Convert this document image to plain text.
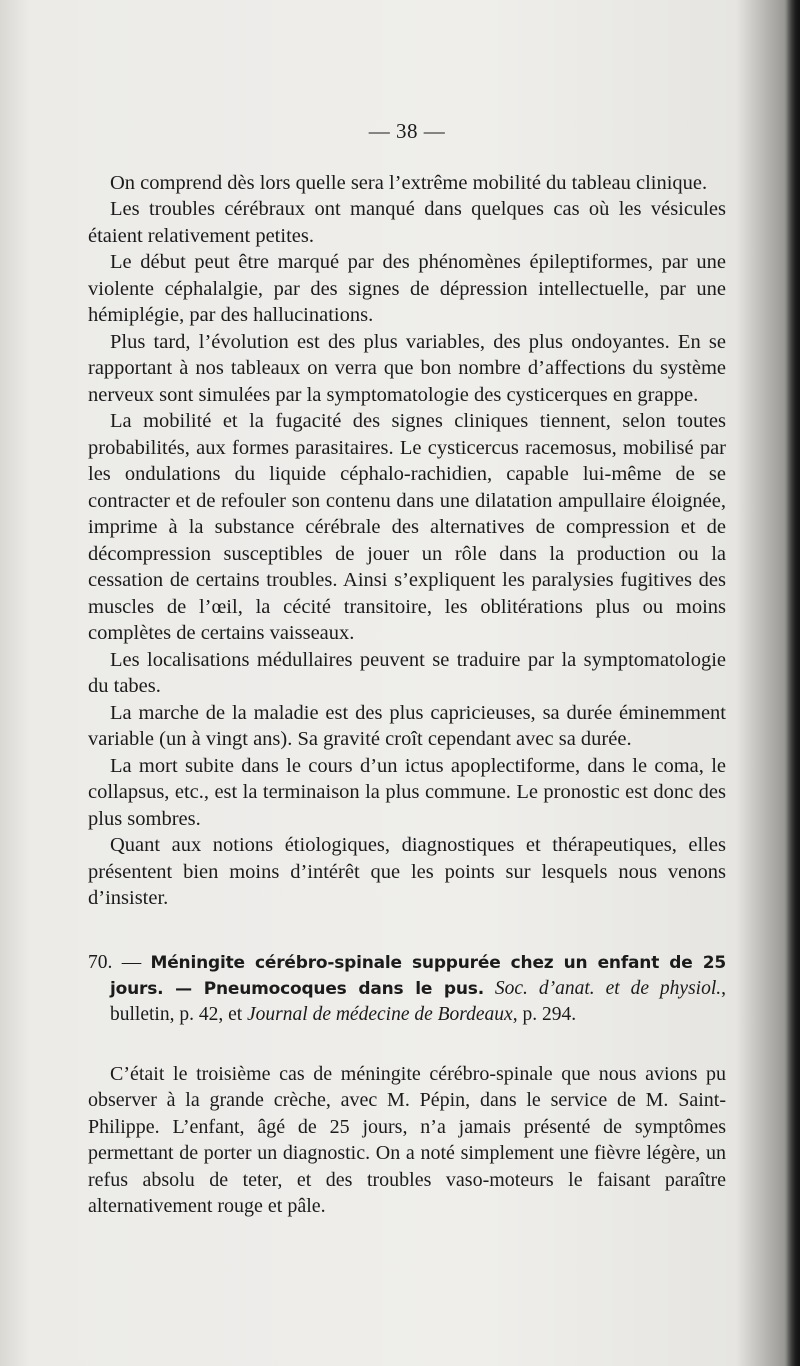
— 38 —

On comprend dès lors quelle sera l’extrême mobilité du tableau clinique.

Les troubles cérébraux ont manqué dans quelques cas où les vésicules étaient relativement petites.

Le début peut être marqué par des phénomènes épileptiformes, par une violente céphalalgie, par des signes de dépression intellectuelle, par une hémiplégie, par des hallucinations.

Plus tard, l’évolution est des plus variables, des plus ondoyantes. En se rapportant à nos tableaux on verra que bon nombre d’affections du système nerveux sont simulées par la symptomatologie des cysticerques en grappe.

La mobilité et la fugacité des signes cliniques tiennent, selon toutes probabilités, aux formes parasitaires. Le cysticercus racemosus, mobilisé par les ondulations du liquide céphalo-rachidien, capable lui-même de se contracter et de refouler son contenu dans une dilatation ampullaire éloignée, imprime à la substance cérébrale des alternatives de compression et de décompression susceptibles de jouer un rôle dans la production ou la cessation de certains troubles. Ainsi s’expliquent les paralysies fugitives des muscles de l’œil, la cécité transitoire, les oblitérations plus ou moins complètes de certains vaisseaux.

Les localisations médullaires peuvent se traduire par la symptomatologie du tabes.

La marche de la maladie est des plus capricieuses, sa durée éminemment variable (un à vingt ans). Sa gravité croît cependant avec sa durée.

La mort subite dans le cours d’un ictus apoplectiforme, dans le coma, le collapsus, etc., est la terminaison la plus commune. Le pronostic est donc des plus sombres.

Quant aux notions étiologiques, diagnostiques et thérapeutiques, elles présentent bien moins d’intérêt que les points sur lesquels nous venons d’insister.

70. — Méningite cérébro-spinale suppurée chez un enfant de 25 jours. — Pneumocoques dans le pus. Soc. d’anat. et de physiol., bulletin, p. 42, et Journal de médecine de Bordeaux, p. 294.

C’était le troisième cas de méningite cérébro-spinale que nous avions pu observer à la grande crèche, avec M. Pépin, dans le service de M. Saint-Philippe. L’enfant, âgé de 25 jours, n’a jamais présenté de symptômes permettant de porter un diagnostic. On a noté simplement une fièvre légère, un refus absolu de teter, et des troubles vaso-moteurs le faisant paraître alternativement rouge et pâle.
